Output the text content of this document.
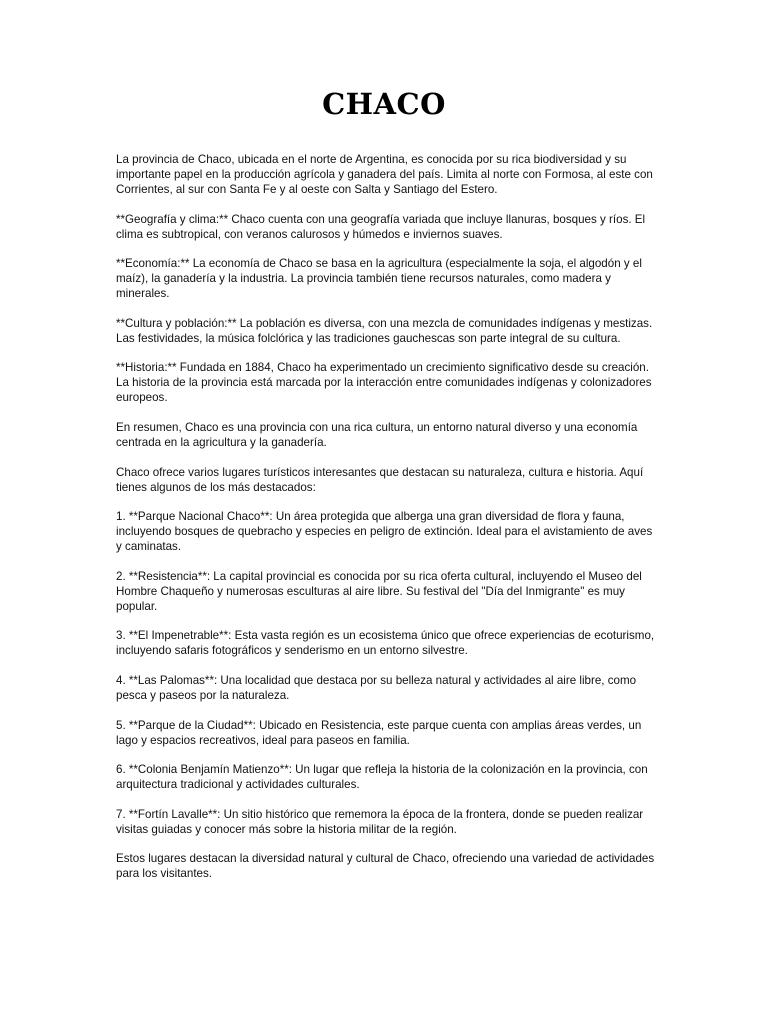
CHACO

La provincia de Chaco, ubicada en el norte de Argentina, es conocida por su rica biodiversidad y su importante papel en la producción agrícola y ganadera del país. Limita al norte con Formosa, al este con Corrientes, al sur con Santa Fe y al oeste con Salta y Santiago del Estero.

**Geografía y clima:** Chaco cuenta con una geografía variada que incluye llanuras, bosques y ríos. El clima es subtropical, con veranos calurosos y húmedos e inviernos suaves.

**Economía:** La economía de Chaco se basa en la agricultura (especialmente la soja, el algodón y el maíz), la ganadería y la industria. La provincia también tiene recursos naturales, como madera y minerales.

**Cultura y población:** La población es diversa, con una mezcla de comunidades indígenas y mestizas. Las festividades, la música folclórica y las tradiciones gauchescas son parte integral de su cultura.

**Historia:** Fundada en 1884, Chaco ha experimentado un crecimiento significativo desde su creación. La historia de la provincia está marcada por la interacción entre comunidades indígenas y colonizadores europeos.

En resumen, Chaco es una provincia con una rica cultura, un entorno natural diverso y una economía centrada en la agricultura y la ganadería.

Chaco ofrece varios lugares turísticos interesantes que destacan su naturaleza, cultura e historia. Aquí tienes algunos de los más destacados:

1. **Parque Nacional Chaco**: Un área protegida que alberga una gran diversidad de flora y fauna, incluyendo bosques de quebracho y especies en peligro de extinción. Ideal para el avistamiento de aves y caminatas.

2. **Resistencia**: La capital provincial es conocida por su rica oferta cultural, incluyendo el Museo del Hombre Chaqueño y numerosas esculturas al aire libre. Su festival del "Día del Inmigrante" es muy popular.

3. **El Impenetrable**: Esta vasta región es un ecosistema único que ofrece experiencias de ecoturismo, incluyendo safaris fotográficos y senderismo en un entorno silvestre.

4. **Las Palomas**: Una localidad que destaca por su belleza natural y actividades al aire libre, como pesca y paseos por la naturaleza.

5. **Parque de la Ciudad**: Ubicado en Resistencia, este parque cuenta con amplias áreas verdes, un lago y espacios recreativos, ideal para paseos en familia.

6. **Colonia Benjamín Matienzo**: Un lugar que refleja la historia de la colonización en la provincia, con arquitectura tradicional y actividades culturales.

7. **Fortín Lavalle**: Un sitio histórico que rememora la época de la frontera, donde se pueden realizar visitas guiadas y conocer más sobre la historia militar de la región.

Estos lugares destacan la diversidad natural y cultural de Chaco, ofreciendo una variedad de actividades para los visitantes.
